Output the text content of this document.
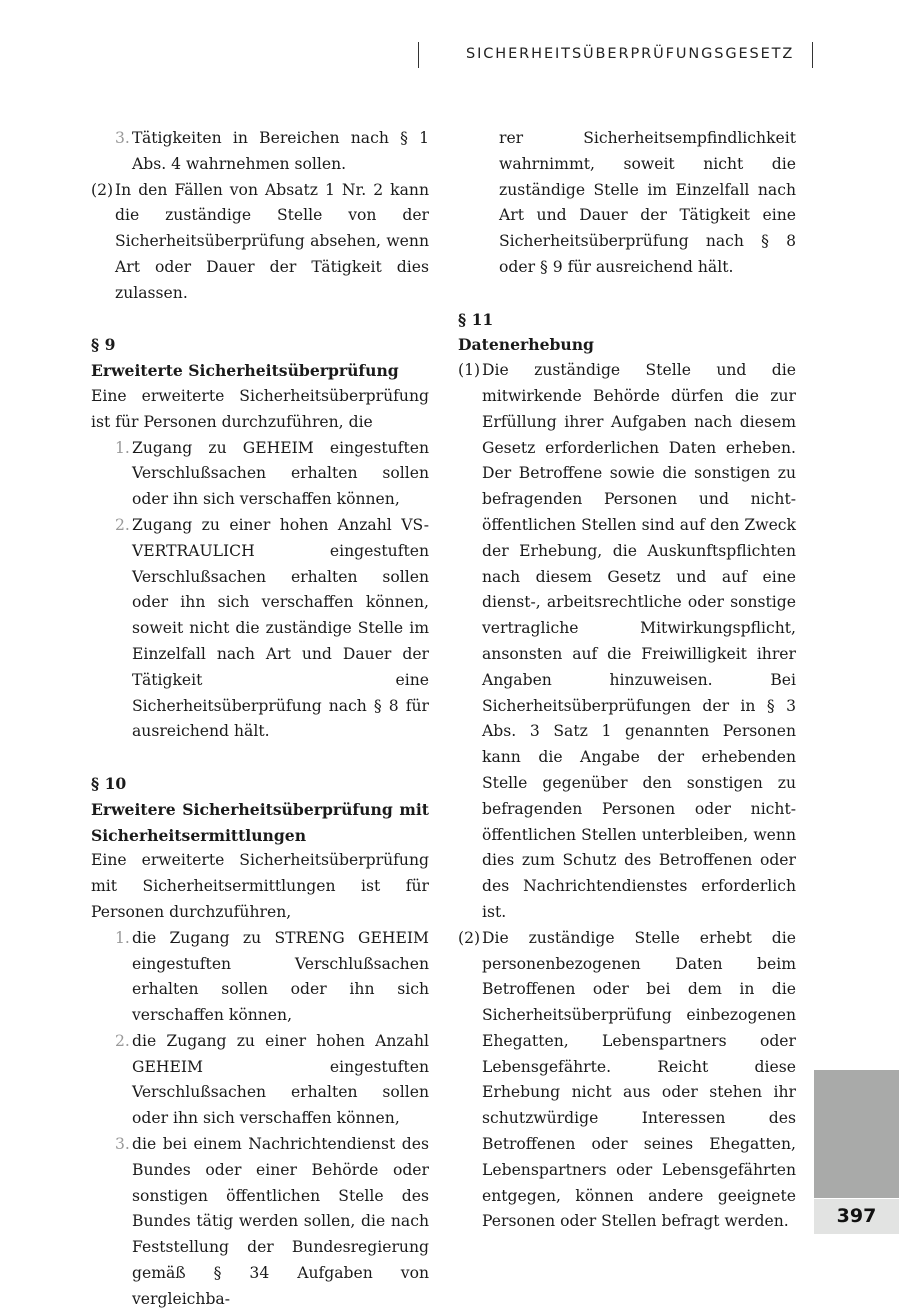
SICHERHEITSÜBERPRÜFUNGSGESETZ
3. Tätigkeiten in Bereichen nach § 1 Abs. 4 wahrnehmen sollen.
(2) In den Fällen von Absatz 1 Nr. 2 kann die zuständige Stelle von der Sicherheitsüberprüfung absehen, wenn Art oder Dauer der Tätigkeit dies zulassen.
§ 9
Erweiterte Sicherheitsüberprüfung
Eine erweiterte Sicherheitsüberprüfung ist für Personen durchzuführen, die
1. Zugang zu GEHEIM eingestuften Verschlußsachen erhalten sollen oder ihn sich verschaffen können,
2. Zugang zu einer hohen Anzahl VS-VERTRAULICH eingestuften Verschlußsachen erhalten sollen oder ihn sich verschaffen können, soweit nicht die zuständige Stelle im Einzelfall nach Art und Dauer der Tätigkeit eine Sicherheitsüberprüfung nach § 8 für ausreichend hält.
§ 10
Erweitere Sicherheitsüberprüfung mit Sicherheitsermittlungen
Eine erweiterte Sicherheitsüberprüfung mit Sicherheitsermittlungen ist für Personen durchzuführen,
1. die Zugang zu STRENG GEHEIM eingestuften Verschlußsachen erhalten sollen oder ihn sich verschaffen können,
2. die Zugang zu einer hohen Anzahl GEHEIM eingestuften Verschlußsachen erhalten sollen oder ihn sich verschaffen können,
3. die bei einem Nachrichtendienst des Bundes oder einer Behörde oder sonstigen öffentlichen Stelle des Bundes tätig werden sollen, die nach Feststellung der Bundesregierung gemäß § 34 Aufgaben von vergleichba-
rer Sicherheitsempfindlichkeit wahrnimmt, soweit nicht die zuständige Stelle im Einzelfall nach Art und Dauer der Tätigkeit eine Sicherheitsüberprüfung nach § 8 oder § 9 für ausreichend hält.
§ 11
Datenerhebung
(1) Die zuständige Stelle und die mitwirkende Behörde dürfen die zur Erfüllung ihrer Aufgaben nach diesem Gesetz erforderlichen Daten erheben. Der Betroffene sowie die sonstigen zu befragenden Personen und nicht-öffentlichen Stellen sind auf den Zweck der Erhebung, die Auskunftspflichten nach diesem Gesetz und auf eine dienst-, arbeitsrechtliche oder sonstige vertragliche Mitwirkungspflicht, ansonsten auf die Freiwilligkeit ihrer Angaben hinzuweisen. Bei Sicherheitsüberprüfungen der in § 3 Abs. 3 Satz 1 genannten Personen kann die Angabe der erhebenden Stelle gegenüber den sonstigen zu befragenden Personen oder nicht-öffentlichen Stellen unterbleiben, wenn dies zum Schutz des Betroffenen oder des Nachrichtendienstes erforderlich ist.
(2) Die zuständige Stelle erhebt die personenbezogenen Daten beim Betroffenen oder bei dem in die Sicherheitsüberprüfung einbezogenen Ehegatten, Lebenspartners oder Lebensgefährte. Reicht diese Erhebung nicht aus oder stehen ihr schutzwürdige Interessen des Betroffenen oder seines Ehegatten, Lebenspartners oder Lebensgefährten entgegen, können andere geeignete Personen oder Stellen befragt werden.	397
